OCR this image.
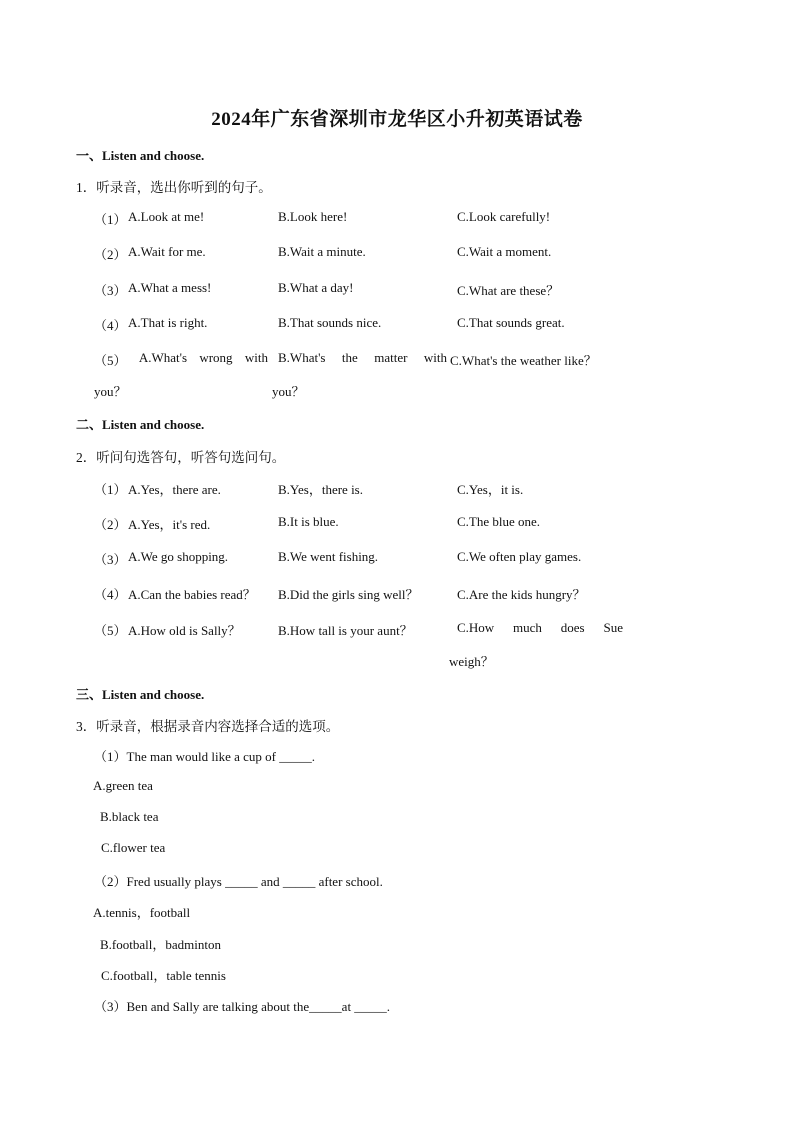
2024年广东省深圳市龙华区小升初英语试卷
一、Listen and choose.
1．听录音，选出你听到的句子。
（1） A.Look at me!	B.Look here!	C.Look carefully!
（2） A.Wait for me.	B.Wait a minute.	C.Wait a moment.
（3） A.What a mess!	B.What a day!	C.What are these？
（4） A.That is right.	B.That sounds nice.	C.That sounds great.
（5） A.What's wrong with B.What's the matter with C.What's the weather like？
you？	you？
二、Listen and choose.
2．听问句选答句，听答句选问句。
（1） A.Yes，there are.	B.Yes，there is.	C.Yes，it is.
（2） A.Yes，it's red.	B.It is blue.	C.The blue one.
（3） A.We go shopping.	B.We went fishing.	C.We often play games.
（4） A.Can the babies read？ B.Did the girls sing well？	C.Are the kids hungry？
（5） A.How old is Sally？	B.How tall is your aunt？	C.How much does Sue
weigh？
三、Listen and choose.
3．听录音，根据录音内容选择合适的选项。
（1）The man would like a cup of _____.
A.green tea
B.black tea
C.flower tea
（2）Fred usually plays _____ and _____ after school.
A.tennis，football
B.football，badminton
C.football，table tennis
（3）Ben and Sally are talking about the_____at _____.
